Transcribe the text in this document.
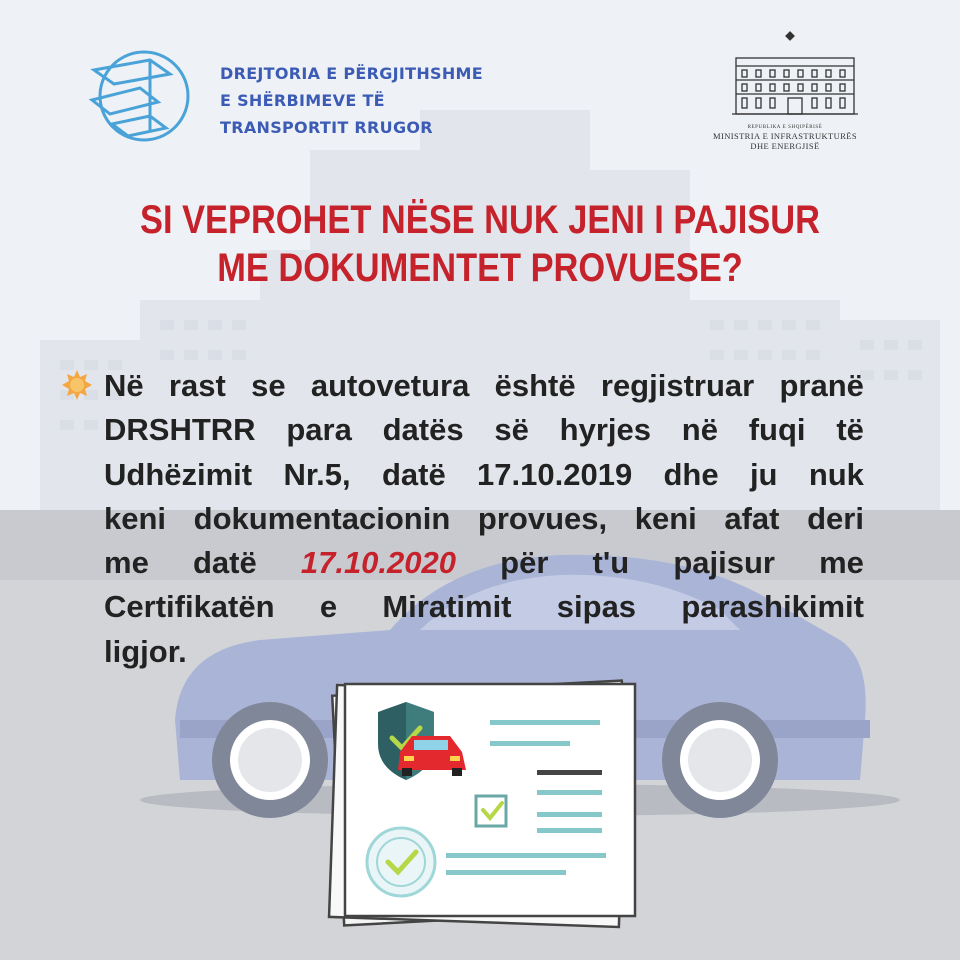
DREJTORIA E PËRGJITHSHME
E SHËRBIMEVE TË
TRANSPORTIT RRUGOR	REPUBLIKA E SHQIPËRISË
MINISTRIA E INFRASTRUKTURËS
DHE ENERGJISË
SI VEPROHET NËSE NUK JENI I PAJISUR
ME DOKUMENTET PROVUESE?
Në rast se autovetura është regjistruar pranë
DRSHTRR para datës së hyrjes në fuqi të
Udhëzimit Nr.5, datë 17.10.2019 dhe ju nuk
keni dokumentacionin provues, keni afat deri
me datë 17.10.2020 për t'u pajisur me
Certifikatën e Miratimit sipas parashikimit
ligjor.
